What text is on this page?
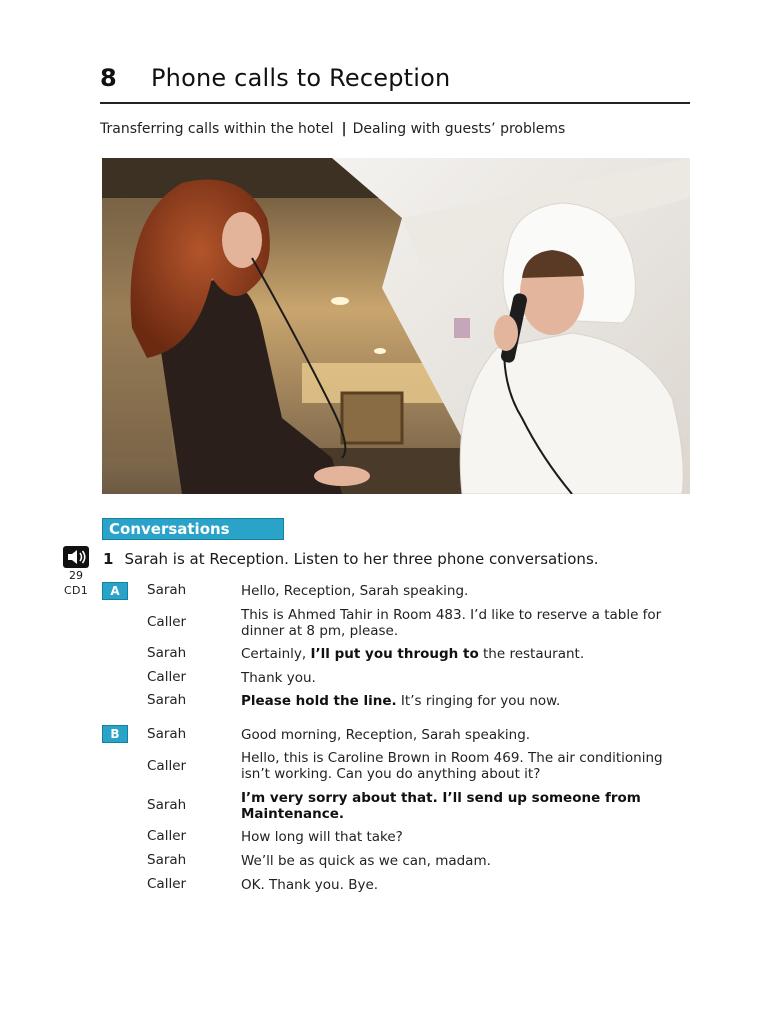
8 Phone calls to Reception
Transferring calls within the hotel | Dealing with guests’ problems
Conversations
29
CD1
1 Sarah is at Reception. Listen to her three phone conversations.
A
B
Sarah	Hello, Reception, Sarah speaking.
Caller	This is Ahmed Tahir in Room 483. I’d like to reserve a table for dinner at 8 pm, please.
Sarah	Certainly, I’ll put you through to the restaurant.
Caller	Thank you.
Sarah	Please hold the line. It’s ringing for you now.
Sarah	Good morning, Reception, Sarah speaking.
Caller	Hello, this is Caroline Brown in Room 469. The air conditioning isn’t working. Can you do anything about it?
Sarah	I’m very sorry about that. I’ll send up someone from Maintenance.
Caller	How long will that take?
Sarah	We’ll be as quick as we can, madam.
Caller	OK. Thank you. Bye.
